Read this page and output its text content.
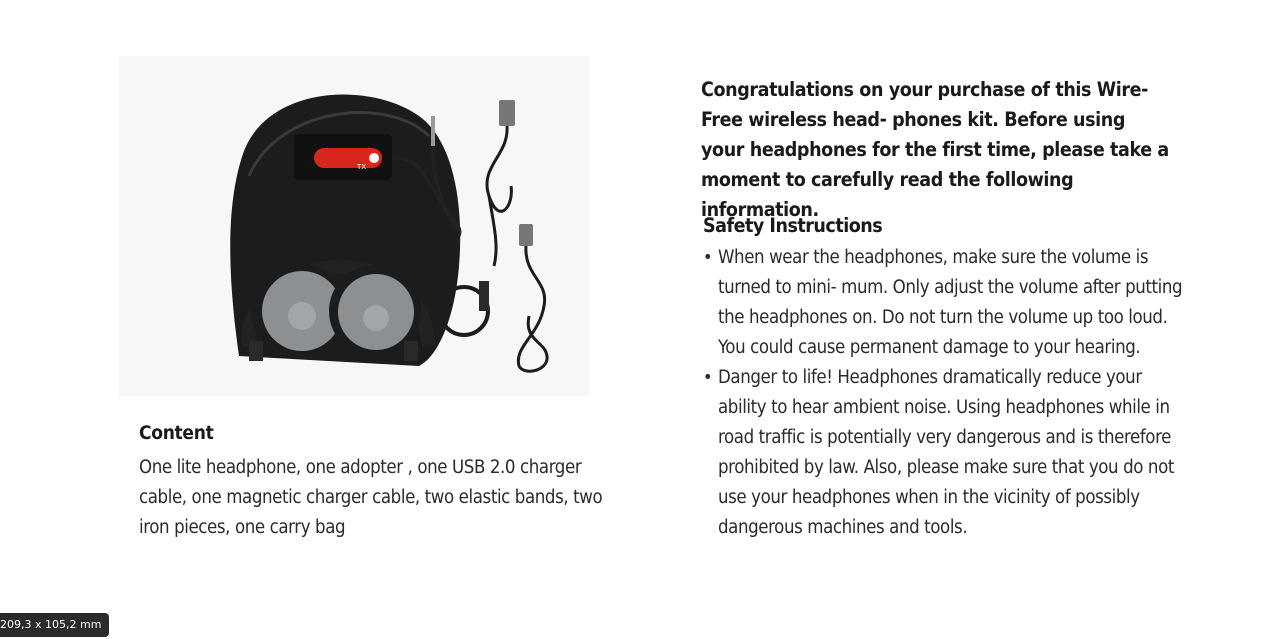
TX
Content

One lite headphone, one adopter , one USB 2.0 charger cable, one magnetic charger cable, two elastic bands, two iron pieces, one carry bag

Congratulations on your purchase of this Wire-Free wireless head- phones kit. Before using your headphones for the first time, please take a moment to carefully read the following information.

Safety Instructions
• When wear the headphones, make sure the volume is turned to mini- mum. Only adjust the volume after putting the headphones on. Do not turn the volume up too loud. You could cause permanent damage to your hearing.
• Danger to life! Headphones dramatically reduce your ability to hear ambient noise. Using headphones while in road traffic is potentially very dangerous and is therefore prohibited by law. Also, please make sure that you do not use your headphones when in the vicinity of possibly dangerous machines and tools.
209,3 x 105,2 mm
